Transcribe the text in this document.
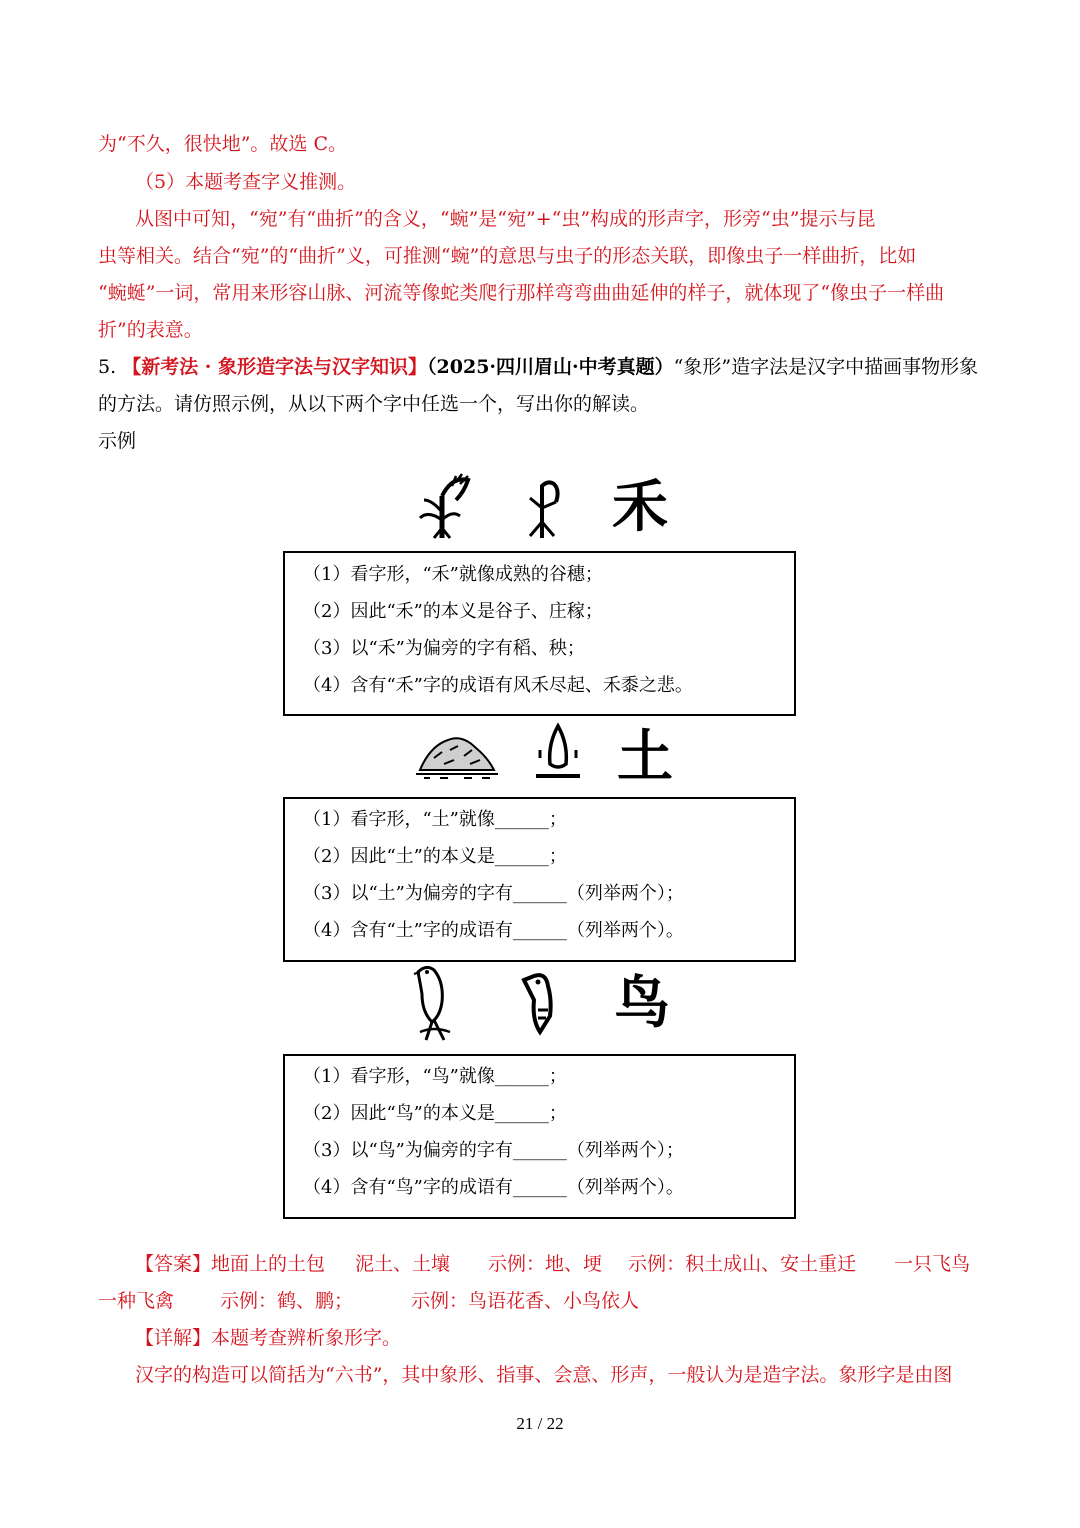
为“不久，很快地”。故选 C。
（5）本题考查字义推测。
从图中可知，“宛”有“曲折”的含义，“蜿”是“宛”+“虫”构成的形声字，形旁“虫”提示与昆
虫等相关。结合“宛”的“曲折”义，可推测“蜿”的意思与虫子的形态关联，即像虫子一样曲折，比如
“蜿蜒”一词，常用来形容山脉、河流等像蛇类爬行那样弯弯曲曲延伸的样子，就体现了“像虫子一样曲
折”的表意。
5. 【新考法 · 象形造字法与汉字知识】（2025·四川眉山·中考真题）“象形”造字法是汉字中描画事物形象
的方法。请仿照示例，从以下两个字中任选一个，写出你的解读。
示例
禾
（1）看字形，“禾”就像成熟的谷穗；
（2）因此“禾”的本义是谷子、庄稼；
（3）以“禾”为偏旁的字有稻、秧；
（4）含有“禾”字的成语有风禾尽起、禾黍之悲。
土
（1）看字形，“土”就像______；
（2）因此“土”的本义是______；
（3）以“土”为偏旁的字有______（列举两个）；
（4）含有“土”字的成语有______（列举两个）。
鸟
（1）看字形，“鸟”就像______；
（2）因此“鸟”的本义是______；
（3）以“鸟”为偏旁的字有______（列举两个）；
（4）含有“鸟”字的成语有______（列举两个）。
【答案】地面上的土包 泥土、土壤 示例：地、埂 示例：积土成山、安土重迁 一只飞鸟
一种飞禽 示例：鹤、鹏；	示例：鸟语花香、小鸟依人
【详解】本题考查辨析象形字。
汉字的构造可以简括为“六书”，其中象形、指事、会意、形声，一般认为是造字法。象形字是由图
21 / 22
